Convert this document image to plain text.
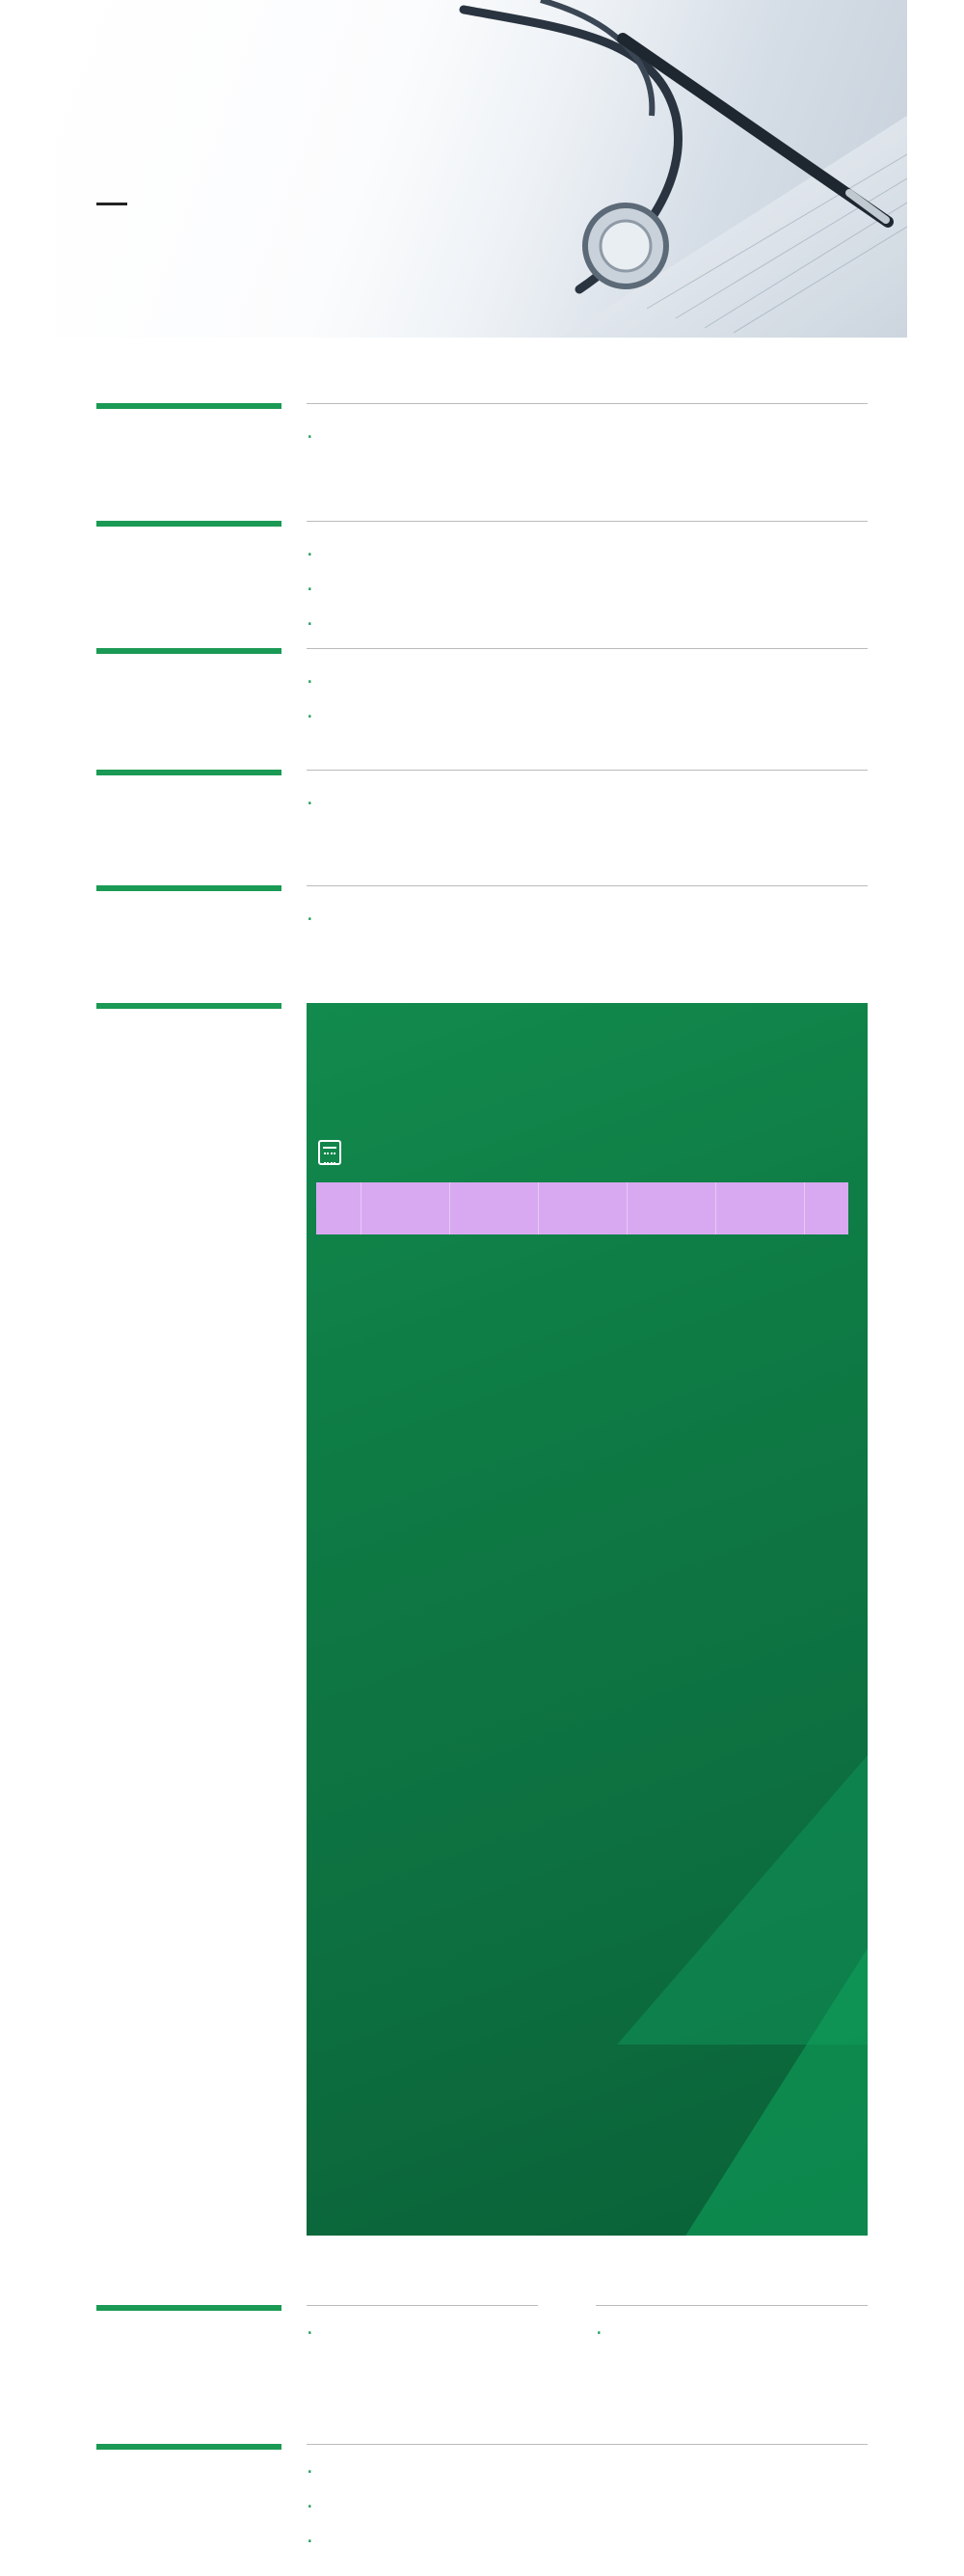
·

·
·
·
·
·
·
·

·	·
·
·
·
